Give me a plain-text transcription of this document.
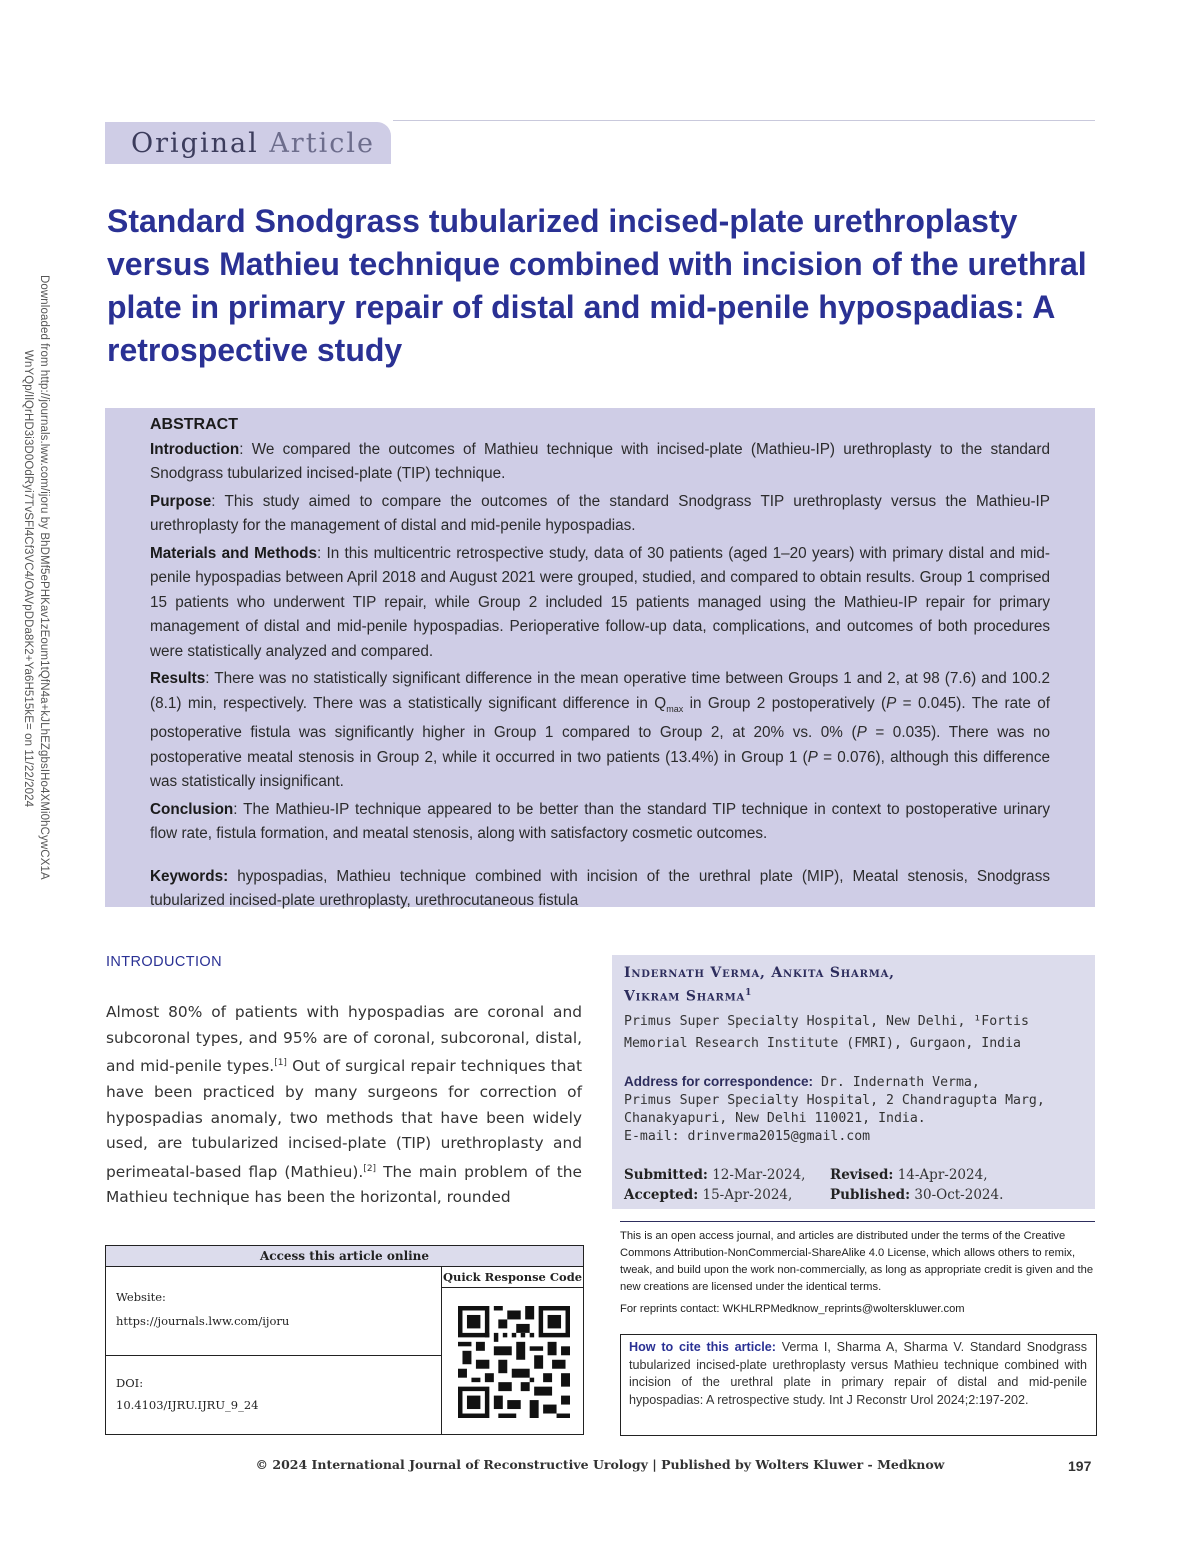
Downloaded from http://journals.lww.com/ijoru by BhDMf5ePHKav1zEoum1tQfN4a+kJLhEZgbsIHo4XMi0hCywCX1A
WnYQp/IlQrHD3i3D0OdRyi7TvSFl4Cf3VC4/OAVpDDa8K2+Ya6H515kE= on 11/22/2024
Original Article
Standard Snodgrass tubularized incised-plate urethroplasty versus Mathieu technique combined with incision of the urethral plate in primary repair of distal and mid-penile hypospadias: A retrospective study

ABSTRACT

Introduction: We compared the outcomes of Mathieu technique with incised-plate (Mathieu-IP) urethroplasty to the standard Snodgrass tubularized incised-plate (TIP) technique.

Purpose: This study aimed to compare the outcomes of the standard Snodgrass TIP urethroplasty versus the Mathieu-IP urethroplasty for the management of distal and mid-penile hypospadias.

Materials and Methods: In this multicentric retrospective study, data of 30 patients (aged 1–20 years) with primary distal and mid-penile hypospadias between April 2018 and August 2021 were grouped, studied, and compared to obtain results. Group 1 comprised 15 patients who underwent TIP repair, while Group 2 included 15 patients managed using the Mathieu-IP repair for primary management of distal and mid-penile hypospadias. Perioperative follow-up data, complications, and outcomes of both procedures were statistically analyzed and compared.

Results: There was no statistically significant difference in the mean operative time between Groups 1 and 2, at 98 (7.6) and 100.2 (8.1) min, respectively. There was a statistically significant difference in $Q_{max}$ in Group 2 postoperatively (P = 0.045). The rate of postoperative fistula was significantly higher in Group 1 compared to Group 2, at 20% vs. 0% (P = 0.035). There was no postoperative meatal stenosis in Group 2, while it occurred in two patients (13.4%) in Group 1 (P = 0.076), although this difference was statistically insignificant.

Conclusion: The Mathieu-IP technique appeared to be better than the standard TIP technique in context to postoperative urinary flow rate, fistula formation, and meatal stenosis, along with satisfactory cosmetic outcomes.

Keywords: hypospadias, Mathieu technique combined with incision of the urethral plate (MIP), Meatal stenosis, Snodgrass tubularized incised-plate urethroplasty, urethrocutaneous fistula

INTRODUCTION
Almost 80% of patients with hypospadias are coronal and subcoronal types, and 95% are of coronal, subcoronal, distal, and mid-penile types.[1] Out of surgical repair techniques that have been practiced by many surgeons for correction of hypospadias anomaly, two methods that have been widely used, are tubularized incised-plate (TIP) urethroplasty and perimeatal-based flap (Mathieu).[2] The main problem of the Mathieu technique has been the horizontal, rounded
Indernath Verma, Ankita Sharma,
Vikram Sharma$^1$
Primus Super Specialty Hospital, New Delhi, ¹Fortis Memorial Research Institute (FMRI), Gurgaon, India
Address for correspondence: Dr. Indernath Verma,
Primus Super Specialty Hospital, 2 Chandragupta Marg,
Chanakyapuri, New Delhi 110021, India.
E-mail: drinverma2015@gmail.com
Submitted: 12-Mar-2024, Revised: 14-Apr-2024,
Accepted: 15-Apr-2024,	Published: 30-Oct-2024.
This is an open access journal, and articles are distributed under the terms of the Creative Commons Attribution-NonCommercial-ShareAlike 4.0 License, which allows others to remix, tweak, and build upon the work non-commercially, as long as appropriate credit is given and the new creations are licensed under the identical terms.
For reprints contact: WKHLRPMedknow_reprints@wolterskluwer.com
How to cite this article: Verma I, Sharma A, Sharma V. Standard Snodgrass tubularized incised-plate urethroplasty versus Mathieu technique combined with incision of the urethral plate in primary repair of distal and mid-penile hypospadias: A retrospective study. Int J Reconstr Urol 2024;2:197-202.
Access this article online
Quick Response Code
Website:
https://journals.lww.com/ijoru
DOI:
10.4103/IJRU.IJRU_9_24
© 2024 International Journal of Reconstructive Urology | Published by Wolters Kluwer - Medknow	197
